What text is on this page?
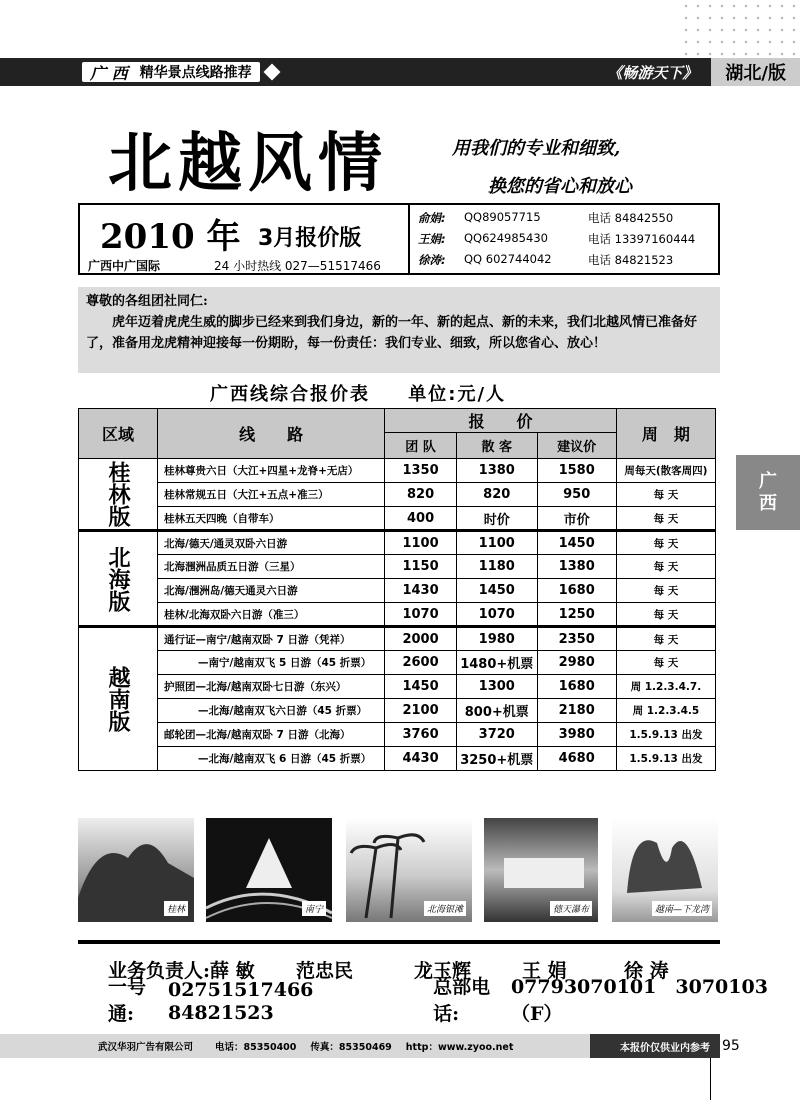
广 西 精华景点线路推荐	《畅游天下》	湖北/版
北越风情	用我们的专业和细致,
换您的省心和放心
2010 年 3月报价版
广西中广国际	24 小时热线 027—51517466
俞娟:	QQ89057715	电话 84842550
王娟:	QQ624985430	电话 13397160444
徐涛:	QQ 602744042	电话 84821523
尊敬的各组团社同仁:
虎年迈着虎虎生威的脚步已经来到我们身边，新的一年、新的起点、新的未来，我们北越风情已准备好了，准备用龙虎精神迎接每一份期盼，每一份责任：我们专业、细致，所以您省心、放心！
广西线综合报价表 单位:元/人
区域	线　　路	报　　价			周　期
		团 队	散 客	建议价	
桂林版	桂林尊贵六日（大江+四星+龙脊+无店）	1350	1380	1580	周每天(散客周四)
	桂林常规五日（大江+五点+准三）	820	820	950	每 天
	桂林五天四晚（自带车）	400	时价	市价	每 天
北海版	北海/德天/通灵双卧六日游	1100	1100	1450	每 天
	北海涠洲品质五日游（三星）	1150	1180	1380	每 天
	北海/涠洲岛/德天通灵六日游	1430	1450	1680	每 天
	桂林/北海双卧六日游（准三）	1070	1070	1250	每 天
越南版	通行证—南宁/越南双卧 7 日游（凭祥）	2000	1980	2350	每 天
	—南宁/越南双飞 5 日游（45 折票）	2600	1480+机票	2980	每 天
	护照团—北海/越南双卧七日游（东兴）	1450	1300	1680	周 1.2.3.4.7.
	—北海/越南双飞六日游（45 折票）	2100	800+机票	2180	周 1.2.3.4.5
	邮轮团—北海/越南双卧 7 日游（北海）	3760	3720	3980	1.5.9.13 出发
	—北海/越南双飞 6 日游（45 折票）	4430	3250+机票	4680	1.5.9.13 出发
广
西
桂林	南宁	北海银滩	德天瀑布	越南—下龙湾
业务负责人: 薛 敏	范忠民	龙玉辉	王 娟	徐 涛
一号通:
02751517466　84821523
总部电话:
07793070101　3070103（F）
武汉华羽广告有限公司 电话：85350400 传真：85350469 http：www.zyoo.net	本报价仅供业内参考 95
